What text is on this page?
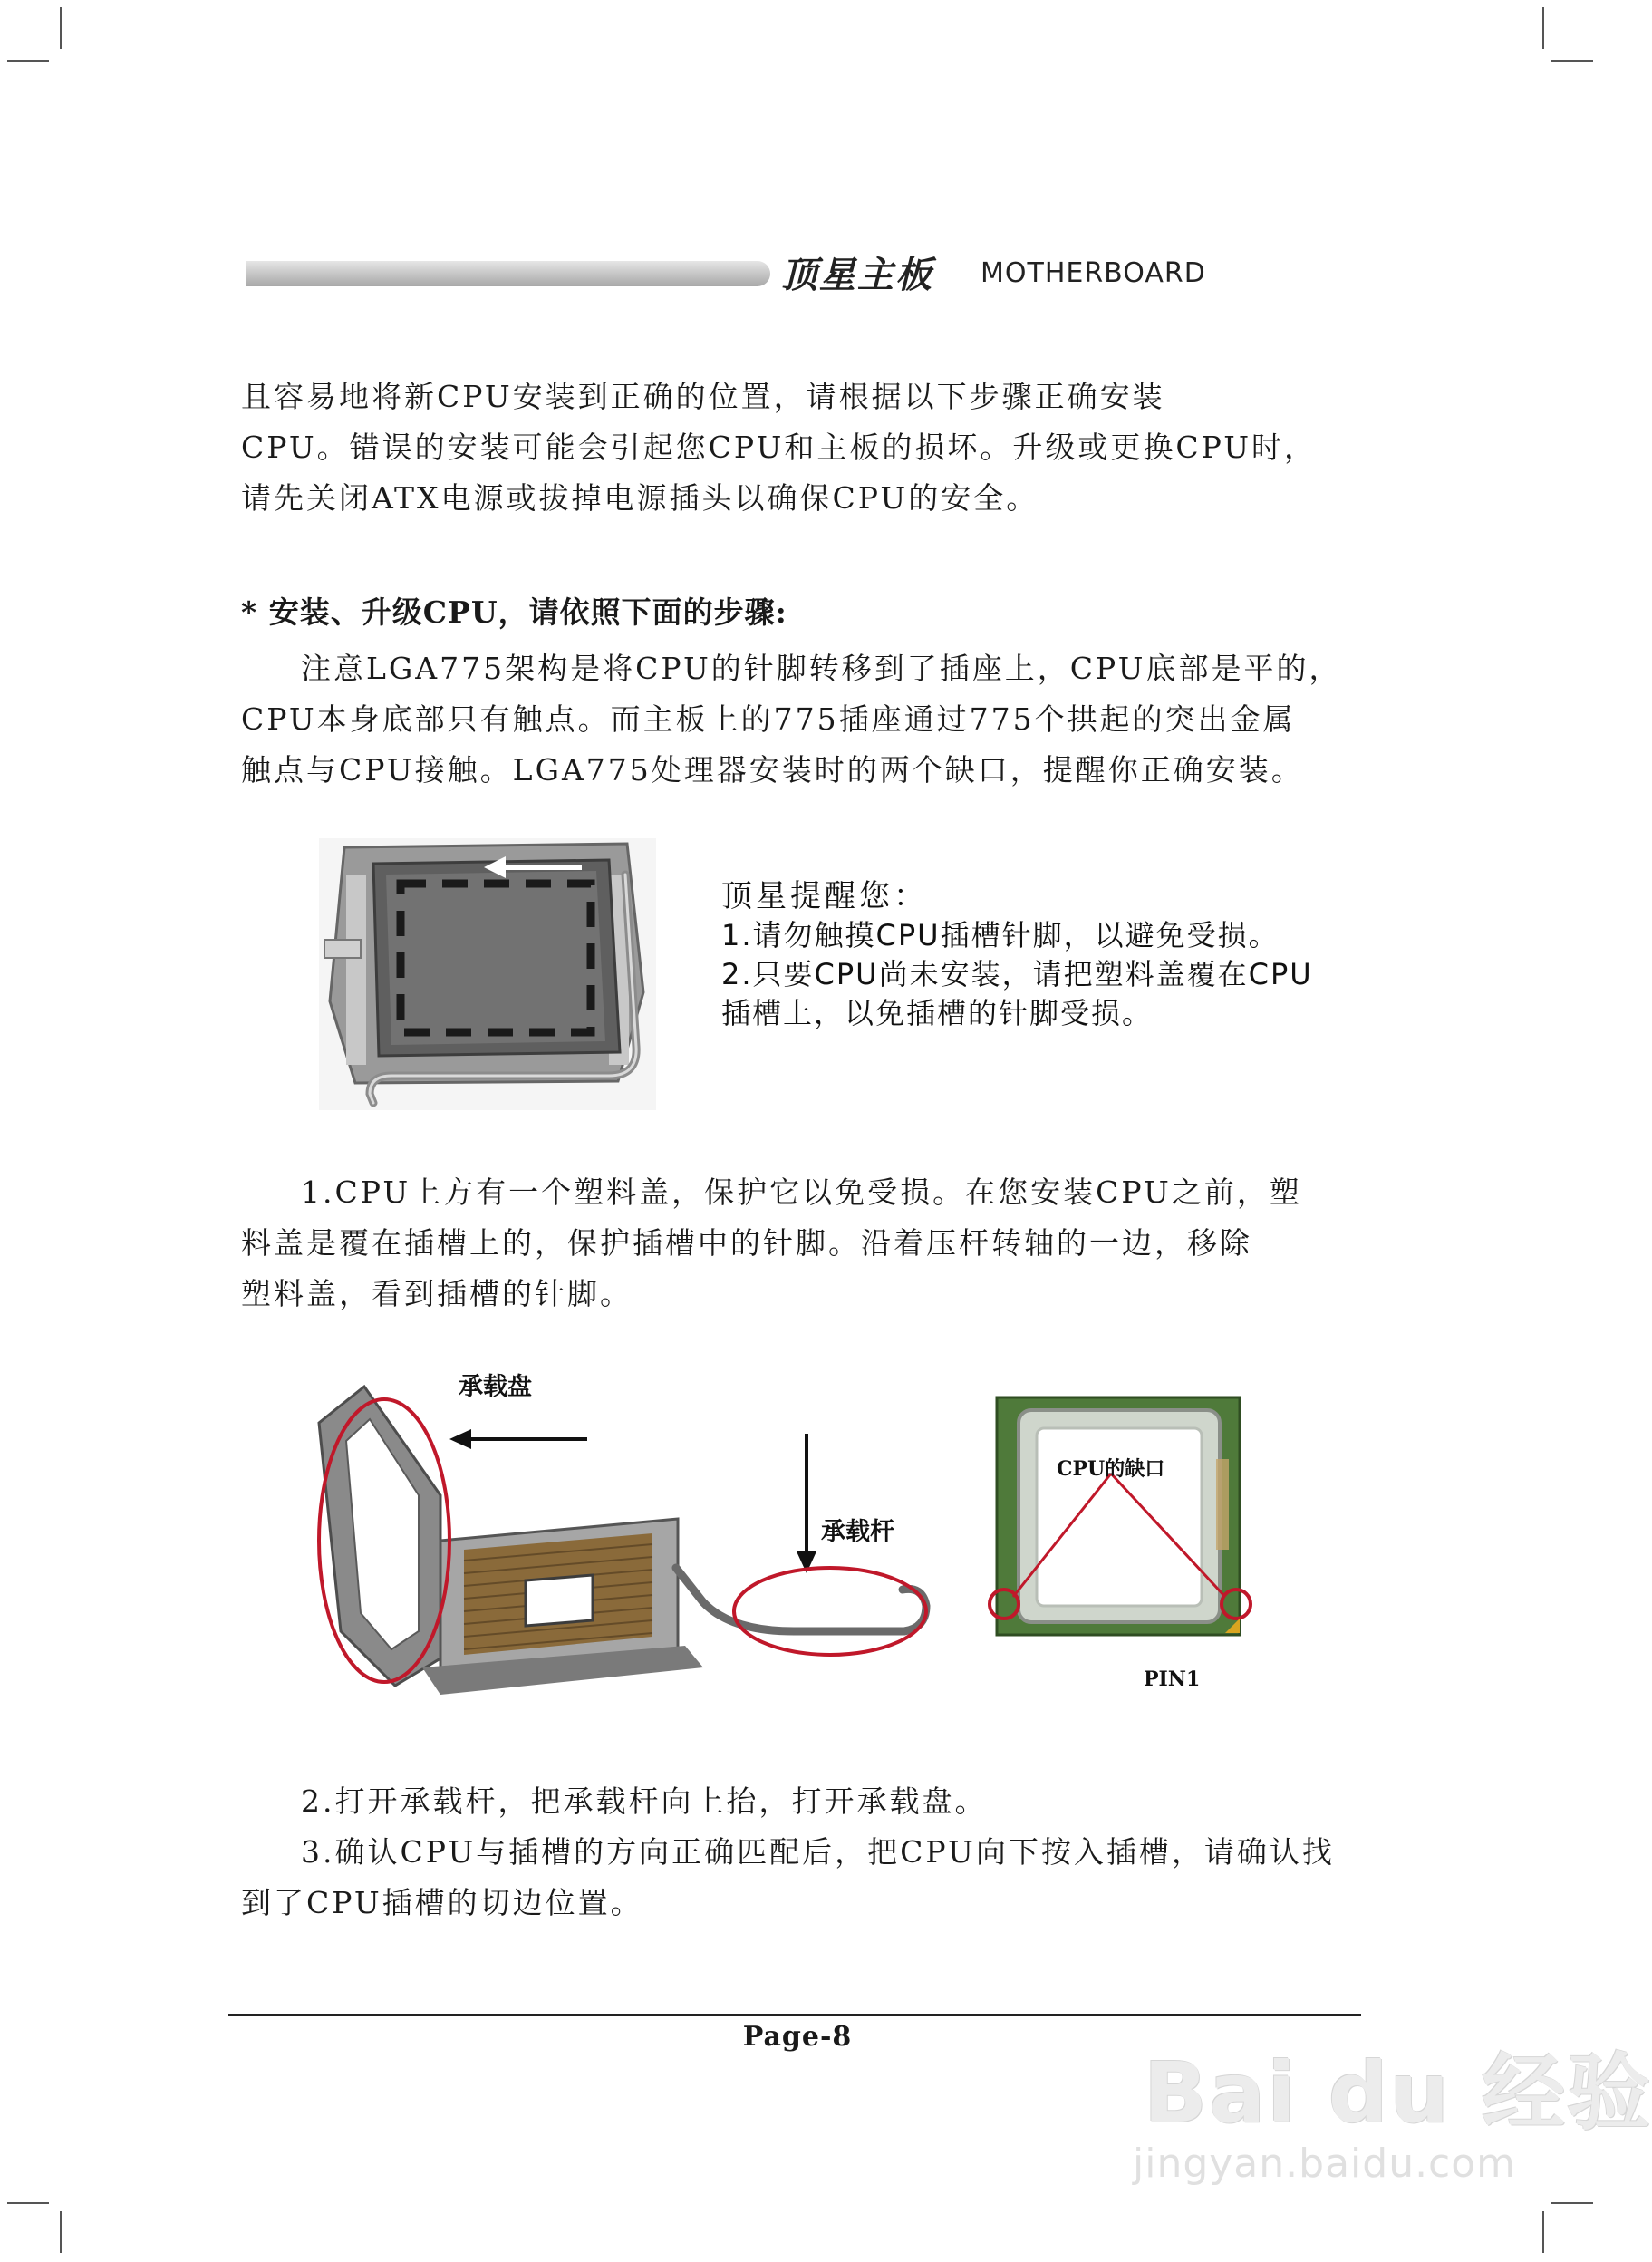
顶星主板 MOTHERBOARD
且容易地将新CPU安装到正确的位置，请根据以下步骤正确安装
CPU。错误的安装可能会引起您CPU和主板的损坏。升级或更换CPU时，
请先关闭ATX电源或拔掉电源插头以确保CPU的安全。
* 安装、升级CPU，请依照下面的步骤:
注意LGA775架构是将CPU的针脚转移到了插座上，CPU底部是平的，
CPU本身底部只有触点。而主板上的775插座通过775个拱起的突出金属
触点与CPU接触。LGA775处理器安装时的两个缺口，提醒你正确安装。
顶星提醒您：
1.请勿触摸CPU插槽针脚，以避免受损。
2.只要CPU尚未安装，请把塑料盖覆在CPU
插槽上，以免插槽的针脚受损。
1.CPU上方有一个塑料盖，保护它以免受损。在您安装CPU之前，塑
料盖是覆在插槽上的，保护插槽中的针脚。沿着压杆转轴的一边，移除
塑料盖，看到插槽的针脚。
承载盘
承载杆
CPU的缺口
PIN1
2.打开承载杆，把承载杆向上抬，打开承载盘。
3.确认CPU与插槽的方向正确匹配后，把CPU向下按入插槽，请确认找
到了CPU插槽的切边位置。
Page-8
Bai du 经验
jingyan.baidu.com
